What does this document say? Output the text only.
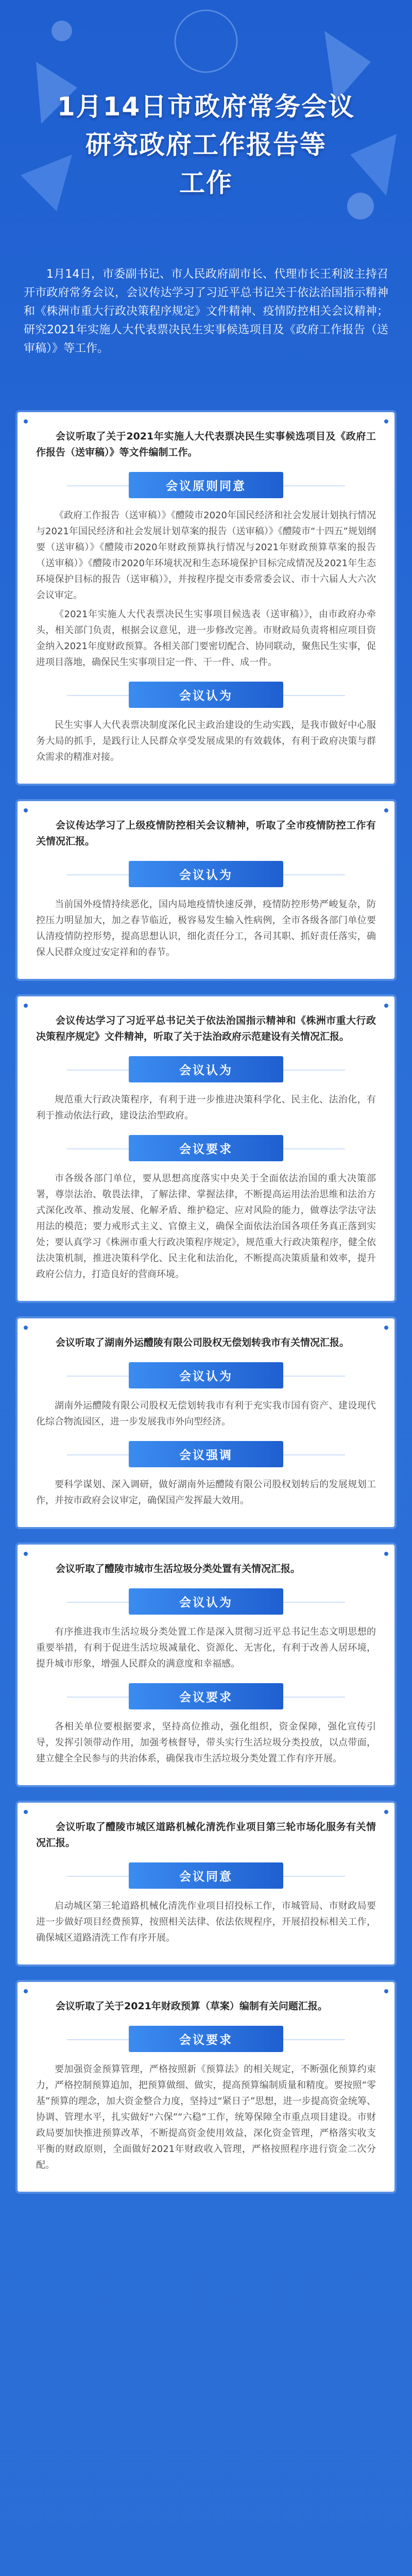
1月14日市政府常务会议
研究政府工作报告等
工作
1月14日，市委副书记、市人民政府副市长、代理市长王利波主持召开市政府常务会议，会议传达学习了习近平总书记关于依法治国指示精神和《株洲市重大行政决策程序规定》文件精神、疫情防控相关会议精神；研究2021年实施人大代表票决民生实事候选项目及《政府工作报告（送审稿）》等工作。
会议听取了关于2021年实施人大代表票决民生实事候选项目及《政府工作报告（送审稿）》等文件编制工作。
会议原则同意
《政府工作报告（送审稿）》《醴陵市2020年国民经济和社会发展计划执行情况与2021年国民经济和社会发展计划草案的报告（送审稿）》《醴陵市“十四五”规划纲要（送审稿）》《醴陵市2020年财政预算执行情况与2021年财政预算草案的报告（送审稿）》《醴陵市2020年环境状况和生态环境保护目标完成情况及2021年生态环境保护目标的报告（送审稿）》，并按程序提交市委常委会议、市十六届人大六次会议审定。
《2021年实施人大代表票决民生实事项目候选表（送审稿）》，由市政府办牵头，相关部门负责，根据会议意见，进一步修改完善。市财政局负责将相应项目资金纳入2021年度财政预算。各相关部门要密切配合、协同联动，聚焦民生实事，促进项目落地，确保民生实事项目定一件、干一件、成一件。
会议认为
民生实事人大代表票决制度深化民主政治建设的生动实践，是我市做好中心服务大局的抓手，是践行让人民群众享受发展成果的有效载体，有利于政府决策与群众需求的精准对接。
会议传达学习了上级疫情防控相关会议精神，听取了全市疫情防控工作有关情况汇报。
会议认为
当前国外疫情持续恶化，国内局地疫情快速反弹，疫情防控形势严峻复杂，防控压力明显加大，加之春节临近，极容易发生输入性病例，全市各级各部门单位要认清疫情防控形势，提高思想认识，细化责任分工，各司其职、抓好责任落实，确保人民群众度过安定祥和的春节。
会议传达学习了习近平总书记关于依法治国指示精神和《株洲市重大行政决策程序规定》文件精神，听取了关于法治政府示范建设有关情况汇报。
会议认为
规范重大行政决策程序，有利于进一步推进决策科学化、民主化、法治化，有利于推动依法行政，建设法治型政府。
会议要求
市各级各部门单位，要从思想高度落实中央关于全面依法治国的重大决策部署，尊崇法治、敬畏法律，了解法律、掌握法律，不断提高运用法治思维和法治方式深化改革、推动发展、化解矛盾、维护稳定、应对风险的能力，做尊法学法守法用法的模范；要力戒形式主义、官僚主义，确保全面依法治国各项任务真正落到实处；要认真学习《株洲市重大行政决策程序规定》，规范重大行政决策程序，健全依法决策机制，推进决策科学化、民主化和法治化，不断提高决策质量和效率，提升政府公信力，打造良好的营商环境。
会议听取了湖南外运醴陵有限公司股权无偿划转我市有关情况汇报。
会议认为
湖南外运醴陵有限公司股权无偿划转我市有利于充实我市国有资产、建设现代化综合物流园区，进一步发展我市外向型经济。
会议强调
要科学谋划、深入调研，做好湖南外运醴陵有限公司股权划转后的发展规划工作，并按市政府会议审定，确保国产发挥最大效用。
会议听取了醴陵市城市生活垃圾分类处置有关情况汇报。
会议认为
有序推进我市生活垃圾分类处置工作是深入贯彻习近平总书记生态文明思想的重要举措，有利于促进生活垃圾减量化、资源化、无害化，有利于改善人居环境，提升城市形象，增强人民群众的满意度和幸福感。
会议要求
各相关单位要根据要求，坚持高位推动，强化组织，资金保障，强化宣传引导，发挥引领带动作用，加强考核督导，带头实行生活垃圾分类投放，以点带面，建立健全全民参与的共治体系，确保我市生活垃圾分类处置工作有序开展。
会议听取了醴陵市城区道路机械化清洗作业项目第三轮市场化服务有关情况汇报。
会议同意
启动城区第三轮道路机械化清洗作业项目招投标工作，市城管局、市财政局要进一步做好项目经费预算，按照相关法律、依法依规程序，开展招投标相关工作，确保城区道路清洗工作有序开展。
会议听取了关于2021年财政预算（草案）编制有关问题汇报。
会议要求
要加强资金预算管理，严格按照新《预算法》的相关规定，不断强化预算约束力，严格控制预算追加，把预算做细、做实，提高预算编制质量和精度。要按照“零基”预算的理念，加大资金整合力度，坚持过“紧日子”思想，进一步提高资金统筹、协调、管理水平，扎实做好“六保”“六稳”工作，统筹保障全市重点项目建设。市财政局要加快推进预算改革，不断提高资金使用效益，深化资金管理，严格落实收支平衡的财政原则，全面做好2021年财政收入管理，严格按照程序进行资金二次分配。
